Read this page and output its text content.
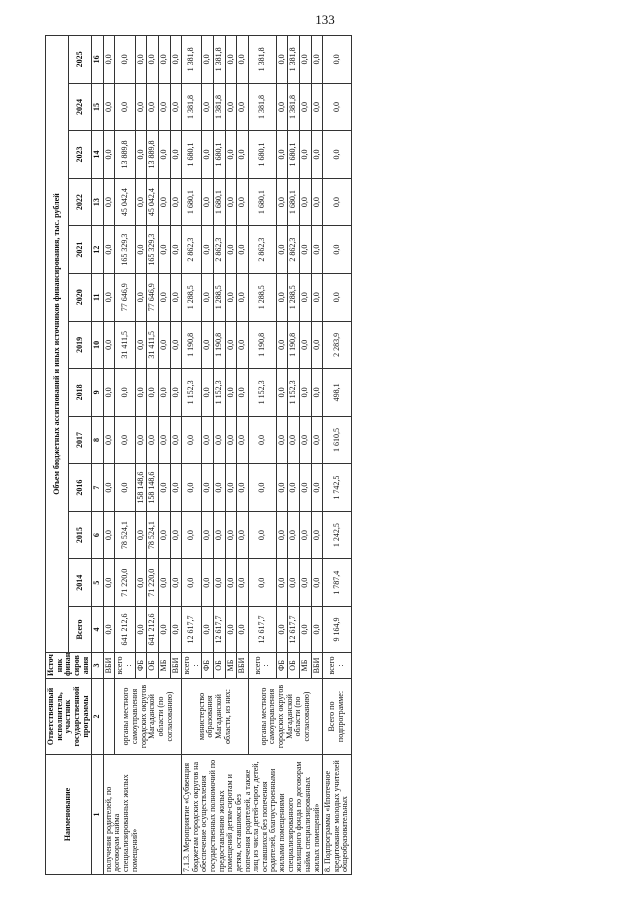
133
Наименование	Ответственный исполнитель, участник государственной программы	Источ ник финан сиров ания	Объем бюджетных ассигнований и иных источников финансирования, тыс. рублей												
			Всего	2014	2015	2016	2017	2018	2019	2020	2021	2022	2023	2024	2025
1	2	3	4	5	6	7	8	9	10	11	12	13	14	15	16
получения родителей, по договорам найма специализированных жилых помещений»		ВБИ	0,0	0,0	0,0	0,0	0,0	0,0	0,0	0,0	0,0	0,0	0,0	0,0	0,0
	органы местного самоуправления городских округов Магаданской области (по согласованию)	всего :	641 212,6	71 220,0	78 524,1	0,0	0,0	0,0	31 411,5	77 646,9	165 329,3	45 042,4	13 889,8	0,0	0,0
		ФБ	0,0	0,0	0,0	158 148,6	0,0	0,0	0,0	0,0	0,0	0,0	0,0	0,0	0,0
		ОБ	641 212,6	71 220,0	78 524,1	158 148,6	0,0	0,0	31 411,5	77 646,9	165 329,3	45 042,4	13 889,8	0,0	0,0
		МБ	0,0	0,0	0,0	0,0	0,0	0,0	0,0	0,0	0,0	0,0	0,0	0,0	0,0
		ВБИ	0,0	0,0	0,0	0,0	0,0	0,0	0,0	0,0	0,0	0,0	0,0	0,0	0,0
7.1.3. Мероприятие «Субвенция бюджетам городских округов на обеспечение осуществления государственных полномочий по предоставлению жилых помещений детям-сиротам и детям, оставшимся без попечения родителей, а также лиц из числа детей-сирот, детей, оставшихся без попечения родителей, благоустроенными жилыми помещениями специализированного жилищного фонда по договорам найма специализированных жилых помещений»	министерство образования Магаданской области, из них:	всего :	12 617,7	0,0	0,0	0,0	0,0	1 152,3	1 190,8	1 288,5	2 862,3	1 680,1	1 680,1	1 381,8	1 381,8
		ФБ	0,0	0,0	0,0	0,0	0,0	0,0	0,0	0,0	0,0	0,0	0,0	0,0	0,0
		ОБ	12 617,7	0,0	0,0	0,0	0,0	1 152,3	1 190,8	1 288,5	2 862,3	1 680,1	1 680,1	1 381,8	1 381,8
		МБ	0,0	0,0	0,0	0,0	0,0	0,0	0,0	0,0	0,0	0,0	0,0	0,0	0,0
		ВБИ	0,0	0,0	0,0	0,0	0,0	0,0	0,0	0,0	0,0	0,0	0,0	0,0	0,0
	органы местного самоуправления городских округов Магаданской области (по согласованию)	всего :	12 617,7	0,0	0,0	0,0	0,0	1 152,3	1 190,8	1 288,5	2 862,3	1 680,1	1 680,1	1 381,8	1 381,8
		ФБ	0,0	0,0	0,0	0,0	0,0	0,0	0,0	0,0	0,0	0,0	0,0	0,0	0,0
		ОБ	12 617,7	0,0	0,0	0,0	0,0	1 152,3	1 190,8	1 288,5	2 862,3	1 680,1	1 680,1	1 381,8	1 381,8
		МБ	0,0	0,0	0,0	0,0	0,0	0,0	0,0	0,0	0,0	0,0	0,0	0,0	0,0
		ВБИ	0,0	0,0	0,0	0,0	0,0	0,0	0,0	0,0	0,0	0,0	0,0	0,0	0,0
8. Подпрограмма «Ипотечное кредитование молодых учителей общеобразовательных	Всего по подпрограмме:	всего :	9 164,9	1 787,4	1 242,5	1 742,5	1 610,5	498,1	2 283,9	0,0	0,0	0,0	0,0	0,0	0,0
